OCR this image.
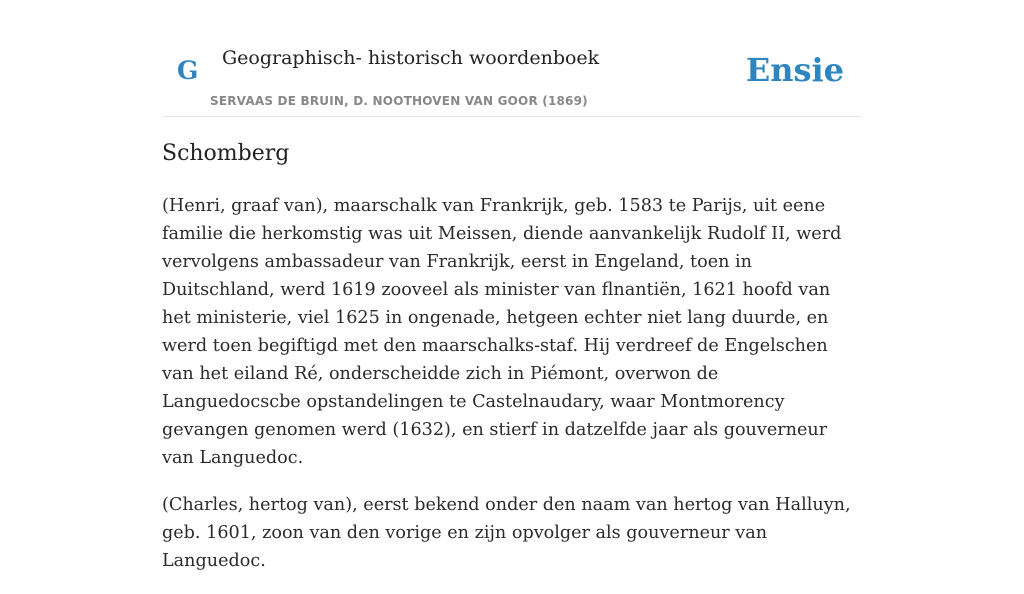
G Geographisch- historisch woordenboek
SERVAAS DE BRUIN, D. NOOTHOVEN VAN GOOR (1869)
Ensie
Schomberg

(Henri, graaf van), maarschalk van Frankrijk, geb. 1583 te Parijs, uit eene familie die herkomstig was uit Meissen, diende aanvankelijk Rudolf II, werd vervolgens ambassadeur van Frankrijk, eerst in Engeland, toen in Duitschland, werd 1619 zooveel als minister van flnantiën, 1621 hoofd van het ministerie, viel 1625 in ongenade, hetgeen echter niet lang duurde, en werd toen begiftigd met den maarschalks-staf. Hij verdreef de Engelschen van het eiland Ré, onderscheidde zich in Piémont, overwon de Languedocscbe opstandelingen te Castelnaudary, waar Montmorency gevangen genomen werd (1632), en stierf in datzelfde jaar als gouverneur van Languedoc.

(Charles, hertog van), eerst bekend onder den naam van hertog van Halluyn, geb. 1601, zoon van den vorige en zijn opvolger als gouverneur van Languedoc.
